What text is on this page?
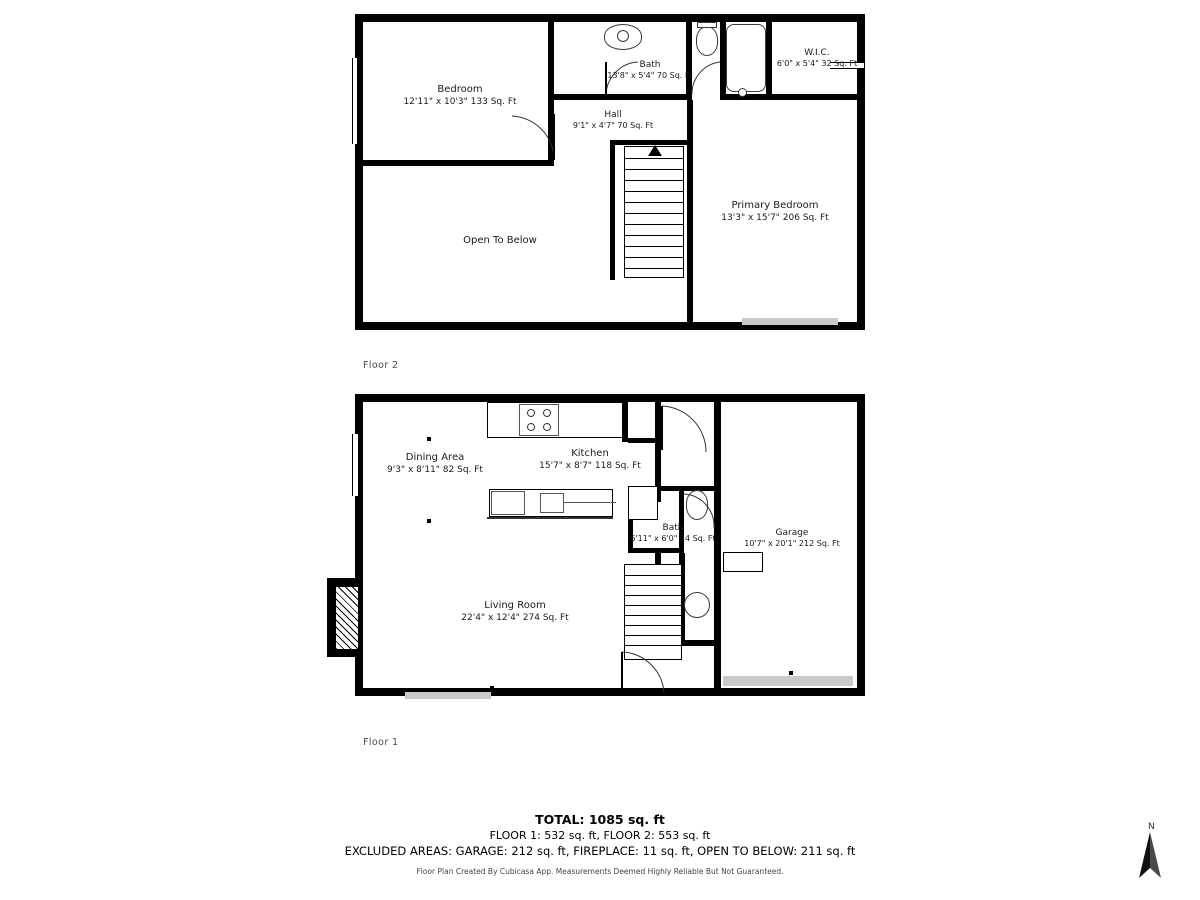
Bedroom
12'11" x 10'3" 133 Sq. Ft
Bath
13'8" x 5'4" 70 Sq. Ft
W.I.C.
6'0" x 5'4" 32 Sq. Ft
Hall
9'1" x 4'7" 70 Sq. Ft
Primary Bedroom
13'3" x 15'7" 206 Sq. Ft
Open To Below
Floor 2
Dining Area
9'3" x 8'11" 82 Sq. Ft
Kitchen
15'7" x 8'7" 118 Sq. Ft
Bath
6'11" x 6'0" 24 Sq. Ft
Garage
10'7" x 20'1" 212 Sq. Ft
Living Room
22'4" x 12'4" 274 Sq. Ft
Floor 1
TOTAL: 1085 sq. ft
FLOOR 1: 532 sq. ft, FLOOR 2: 553 sq. ft
EXCLUDED AREAS: GARAGE: 212 sq. ft, FIREPLACE: 11 sq. ft, OPEN TO BELOW: 211 sq. ft
Floor Plan Created By Cubicasa App. Measurements Deemed Highly Reliable But Not Guaranteed.
N
